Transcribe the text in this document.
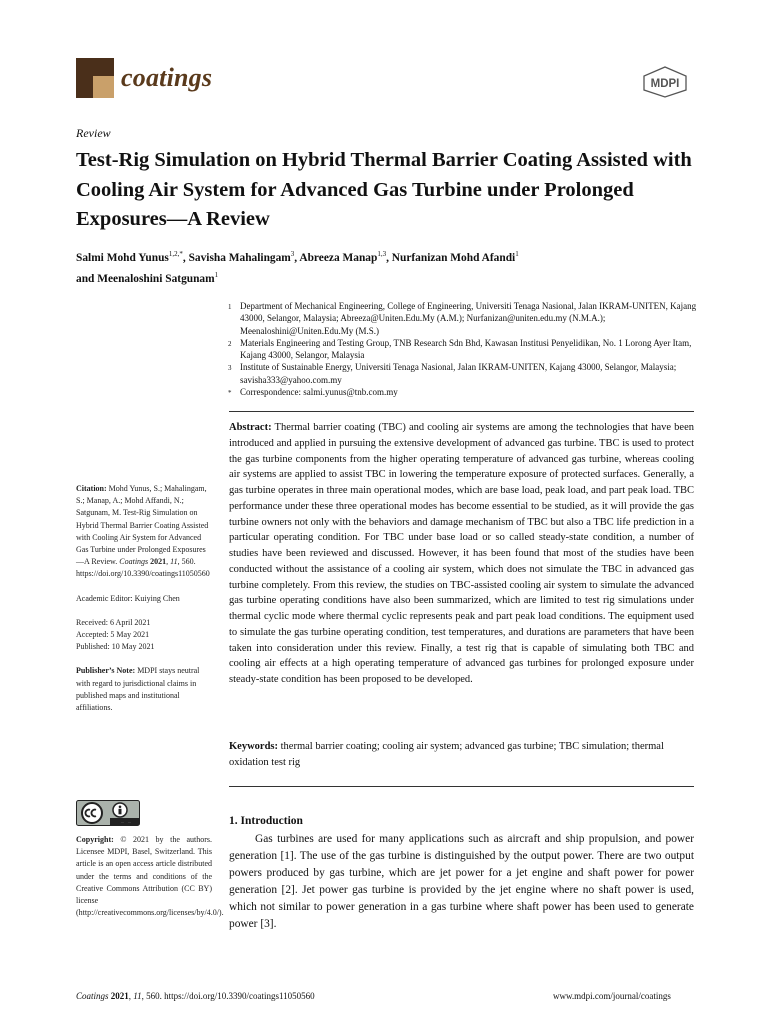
coatings	MDPI
Review
Test-Rig Simulation on Hybrid Thermal Barrier Coating Assisted with Cooling Air System for Advanced Gas Turbine under Prolonged Exposures—A Review
Salmi Mohd Yunus$^{1,2,*}$, Savisha Mahalingam$^3$, Abreeza Manap$^{1,3}$, Nurfanizan Mohd Afandi$^1$
and Meenaloshini Satgunam$^1$
1 Department of Mechanical Engineering, College of Engineering, Universiti Tenaga Nasional, Jalan IKRAM-UNITEN, Kajang 43000, Selangor, Malaysia; Abreeza@Uniten.Edu.My (A.M.); Nurfanizan@uniten.edu.my (N.M.A.); Meenaloshini@Uniten.Edu.My (M.S.)
2 Materials Engineering and Testing Group, TNB Research Sdn Bhd, Kawasan Institusi Penyelidikan, No. 1 Lorong Ayer Itam, Kajang 43000, Selangor, Malaysia
3 Institute of Sustainable Energy, Universiti Tenaga Nasional, Jalan IKRAM-UNITEN, Kajang 43000, Selangor, Malaysia; savisha333@yahoo.com.my
* Correspondence: salmi.yunus@tnb.com.my
Abstract: Thermal barrier coating (TBC) and cooling air systems are among the technologies that have been introduced and applied in pursuing the extensive development of advanced gas turbine. TBC is used to protect the gas turbine components from the higher operating temperature of advanced gas turbine, whereas cooling air systems are applied to assist TBC in lowering the temperature exposure of protected surfaces. Generally, a gas turbine operates in three main operational modes, which are base load, peak load, and part peak load. TBC performance under these three operational modes has become essential to be studied, as it will provide the gas turbine owners not only with the behaviors and damage mechanism of TBC but also a TBC life prediction in a particular operating condition. For TBC under base load or so called steady-state condition, a number of studies have been reviewed and discussed. However, it has been found that most of the studies have been conducted without the assistance of a cooling air system, which does not simulate the TBC in advanced gas turbine completely. From this review, the studies on TBC-assisted cooling air system to simulate the advanced gas turbine operating conditions have also been summarized, which are limited to test rig simulations under thermal cyclic mode where thermal cyclic represents peak and part peak load conditions. The equipment used to simulate the gas turbine operating condition, test temperatures, and durations are parameters that have been taken into consideration under this review. Finally, a test rig that is capable of simulating both TBC and cooling air effects at a high operating temperature of advanced gas turbines for prolonged exposure under steady-state condition has been proposed to be developed.
Keywords: thermal barrier coating; cooling air system; advanced gas turbine; TBC simulation; thermal oxidation test rig
Citation: Mohd Yunus, S.; Mahalingam, S.; Manap, A.; Mohd Affandi, N.; Satgunam, M. Test-Rig Simulation on Hybrid Thermal Barrier Coating Assisted with Cooling Air System for Advanced Gas Turbine under Prolonged Exposures—A Review. Coatings 2021, 11, 560. https://doi.org/10.3390/coatings11050560
Academic Editor: Kuiying Chen
Received: 6 April 2021
Accepted: 5 May 2021
Published: 10 May 2021
Publisher’s Note: MDPI stays neutral with regard to jurisdictional claims in published maps and institutional affiliations.
Copyright: © 2021 by the authors. Licensee MDPI, Basel, Switzerland. This article is an open access article distributed under the terms and conditions of the Creative Commons Attribution (CC BY) license (http://creativecommons.org/licenses/by/4.0/).
1. Introduction
Gas turbines are used for many applications such as aircraft and ship propulsion, and power generation [1]. The use of the gas turbine is distinguished by the output power. There are two output powers produced by gas turbine, which are jet power for a jet engine and shaft power for power generation [2]. Jet power gas turbine is provided by the jet engine where no shaft power is used, which not similar to power generation in a gas turbine where shaft power has been used to generate power [3].
Coatings 2021, 11, 560. https://doi.org/10.3390/coatings11050560	www.mdpi.com/journal/coatings
